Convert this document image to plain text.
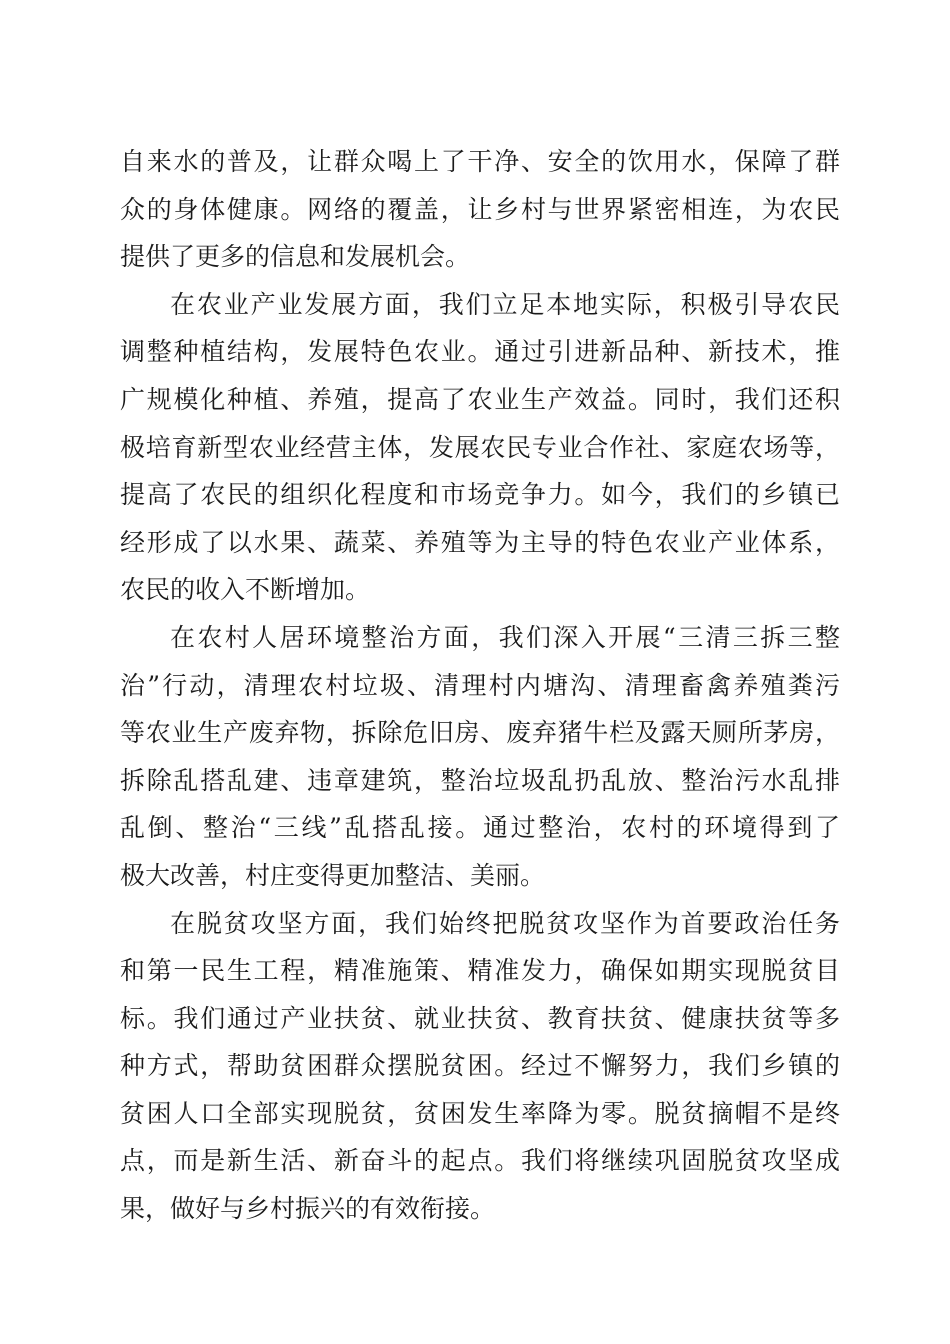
自来水的普及，让群众喝上了干净、安全的饮用水，保障了群
众的身体健康。网络的覆盖，让乡村与世界紧密相连，为农民
提供了更多的信息和发展机会。
在农业产业发展方面，我们立足本地实际，积极引导农民
调整种植结构，发展特色农业。通过引进新品种、新技术，推
广规模化种植、养殖，提高了农业生产效益。同时，我们还积
极培育新型农业经营主体，发展农民专业合作社、家庭农场等，
提高了农民的组织化程度和市场竞争力。如今，我们的乡镇已
经形成了以水果、蔬菜、养殖等为主导的特色农业产业体系，
农民的收入不断增加。
在农村人居环境整治方面，我们深入开展“三清三拆三整
治”行动，清理农村垃圾、清理村内塘沟、清理畜禽养殖粪污
等农业生产废弃物，拆除危旧房、废弃猪牛栏及露天厕所茅房，
拆除乱搭乱建、违章建筑，整治垃圾乱扔乱放、整治污水乱排
乱倒、整治“三线”乱搭乱接。通过整治，农村的环境得到了
极大改善，村庄变得更加整洁、美丽。
在脱贫攻坚方面，我们始终把脱贫攻坚作为首要政治任务
和第一民生工程，精准施策、精准发力，确保如期实现脱贫目
标。我们通过产业扶贫、就业扶贫、教育扶贫、健康扶贫等多
种方式，帮助贫困群众摆脱贫困。经过不懈努力，我们乡镇的
贫困人口全部实现脱贫，贫困发生率降为零。脱贫摘帽不是终
点，而是新生活、新奋斗的起点。我们将继续巩固脱贫攻坚成
果，做好与乡村振兴的有效衔接。
